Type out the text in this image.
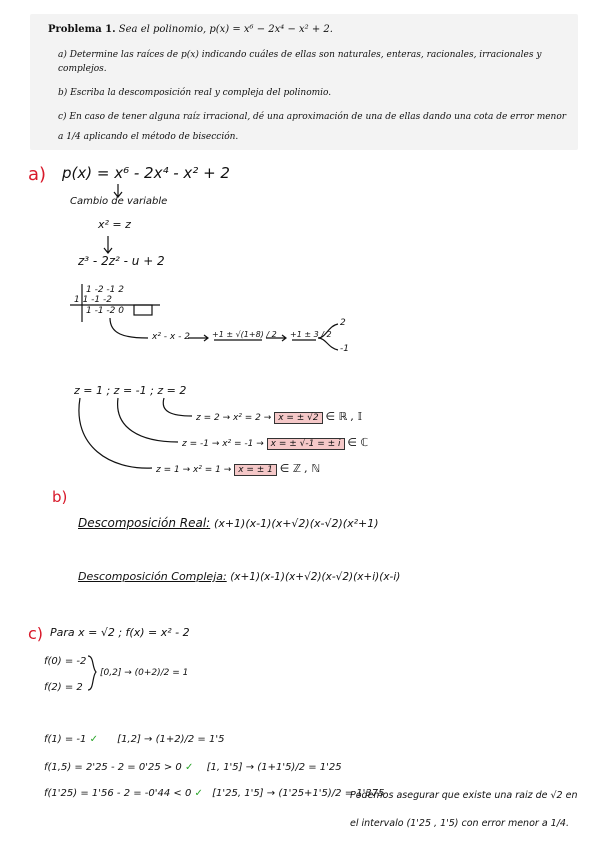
Problema 1. Sea el polinomio, p(x) = x⁶ − 2x⁴ − x² + 2.
a) Determine las raíces de p(x) indicando cuáles de ellas son naturales, enteras, racionales, irracionales y complejos.
b) Escriba la descomposición real y compleja del polinomio.
c) En caso de tener alguna raíz irracional, dé una aproximación de una de ellas dando una cota de error menor
a 1/4 aplicando el método de bisección.
a) p(x) = x⁶ - 2x⁴ - x² + 2
Cambio de variable
x² = z
z³ - 2z² - u + 2
1 -2 -1 2
1 1 -1 -2
1 -1 -2 0
x² - x - 2	+1 ± √(1+8) / 2 +1 ± 3 / 2
2
-1
z = 1 ; z = -1 ; z = 2
z = 2 → x² = 2 → x = ± √2 ∈ ℝ , 𝕀
z = -1 → x² = -1 → x = ± √-1 = ± i ∈ ℂ
z = 1 → x² = 1 → x = ± 1 ∈ ℤ , ℕ
b)
Descomposición Real: (x+1)(x-1)(x+√2)(x-√2)(x²+1)
Descomposición Compleja: (x+1)(x-1)(x+√2)(x-√2)(x+i)(x-i)
c) Para x = √2 ; f(x) = x² - 2
f(0) = -2
f(2) = 2
[0,2] → (0+2)/2 = 1
f(1) = -1 ✓ [1,2] → (1+2)/2 = 1'5
f(1,5) = 2'25 - 2 = 0'25 > 0 ✓ [1, 1'5] → (1+1'5)/2 = 1'25
f(1'25) = 1'56 - 2 = -0'44 < 0 ✓ [1'25, 1'5] → (1'25+1'5)/2 = 1'375
Podemos asegurar que existe una raiz de √2 en
el intervalo (1'25 , 1'5) con error menor a 1/4.
